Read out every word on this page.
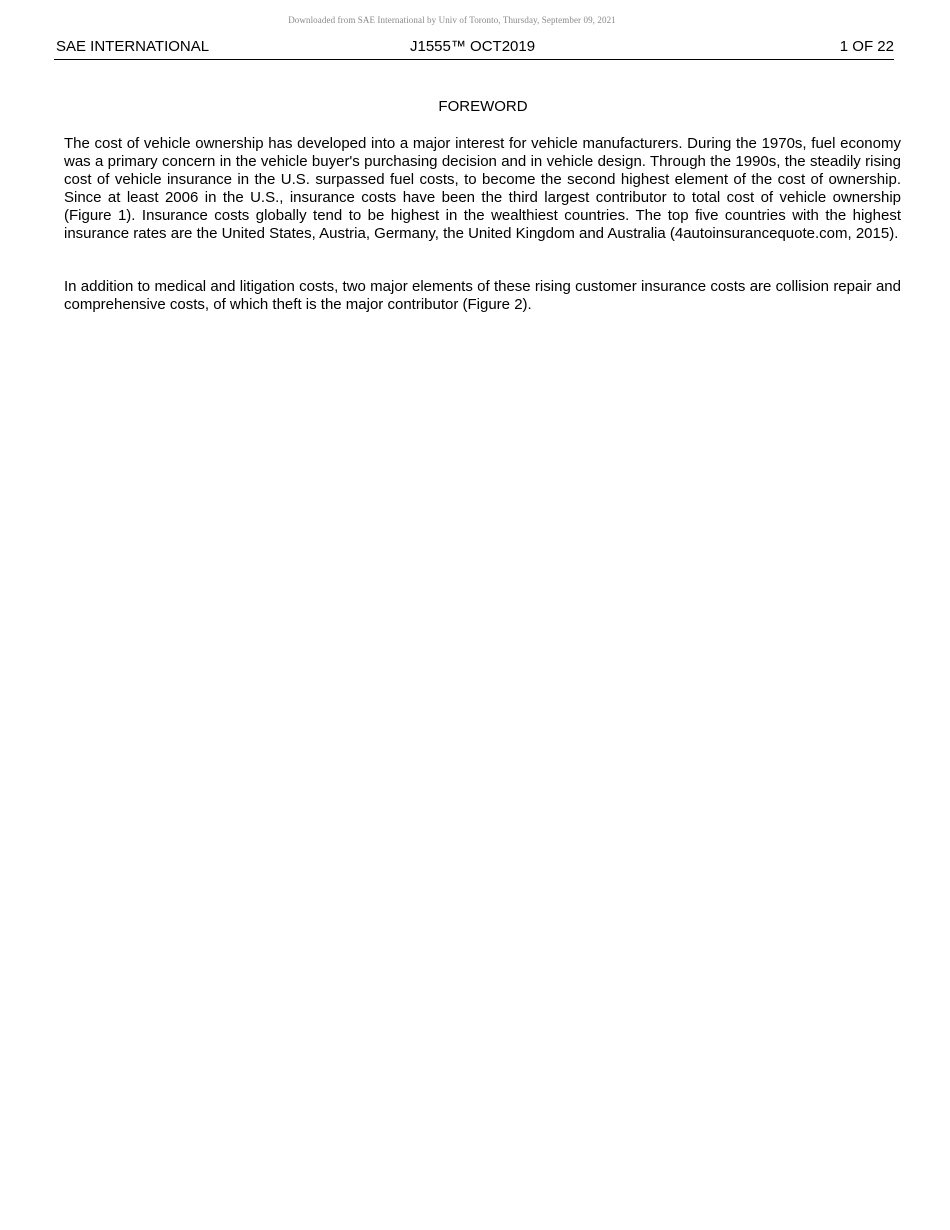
Downloaded from SAE International by Univ of Toronto, Thursday, September 09, 2021
SAE INTERNATIONAL	J1555™ OCT2019	1 OF 22
FOREWORD

The cost of vehicle ownership has developed into a major interest for vehicle manufacturers. During the 1970s, fuel economy was a primary concern in the vehicle buyer's purchasing decision and in vehicle design. Through the 1990s, the steadily rising cost of vehicle insurance in the U.S. surpassed fuel costs, to become the second highest element of the cost of ownership. Since at least 2006 in the U.S., insurance costs have been the third largest contributor to total cost of vehicle ownership (Figure 1). Insurance costs globally tend to be highest in the wealthiest countries. The top five countries with the highest insurance rates are the United States, Austria, Germany, the United Kingdom and Australia (4autoinsurancequote.com, 2015).

In addition to medical and litigation costs, two major elements of these rising customer insurance costs are collision repair and comprehensive costs, of which theft is the major contributor (Figure 2).
